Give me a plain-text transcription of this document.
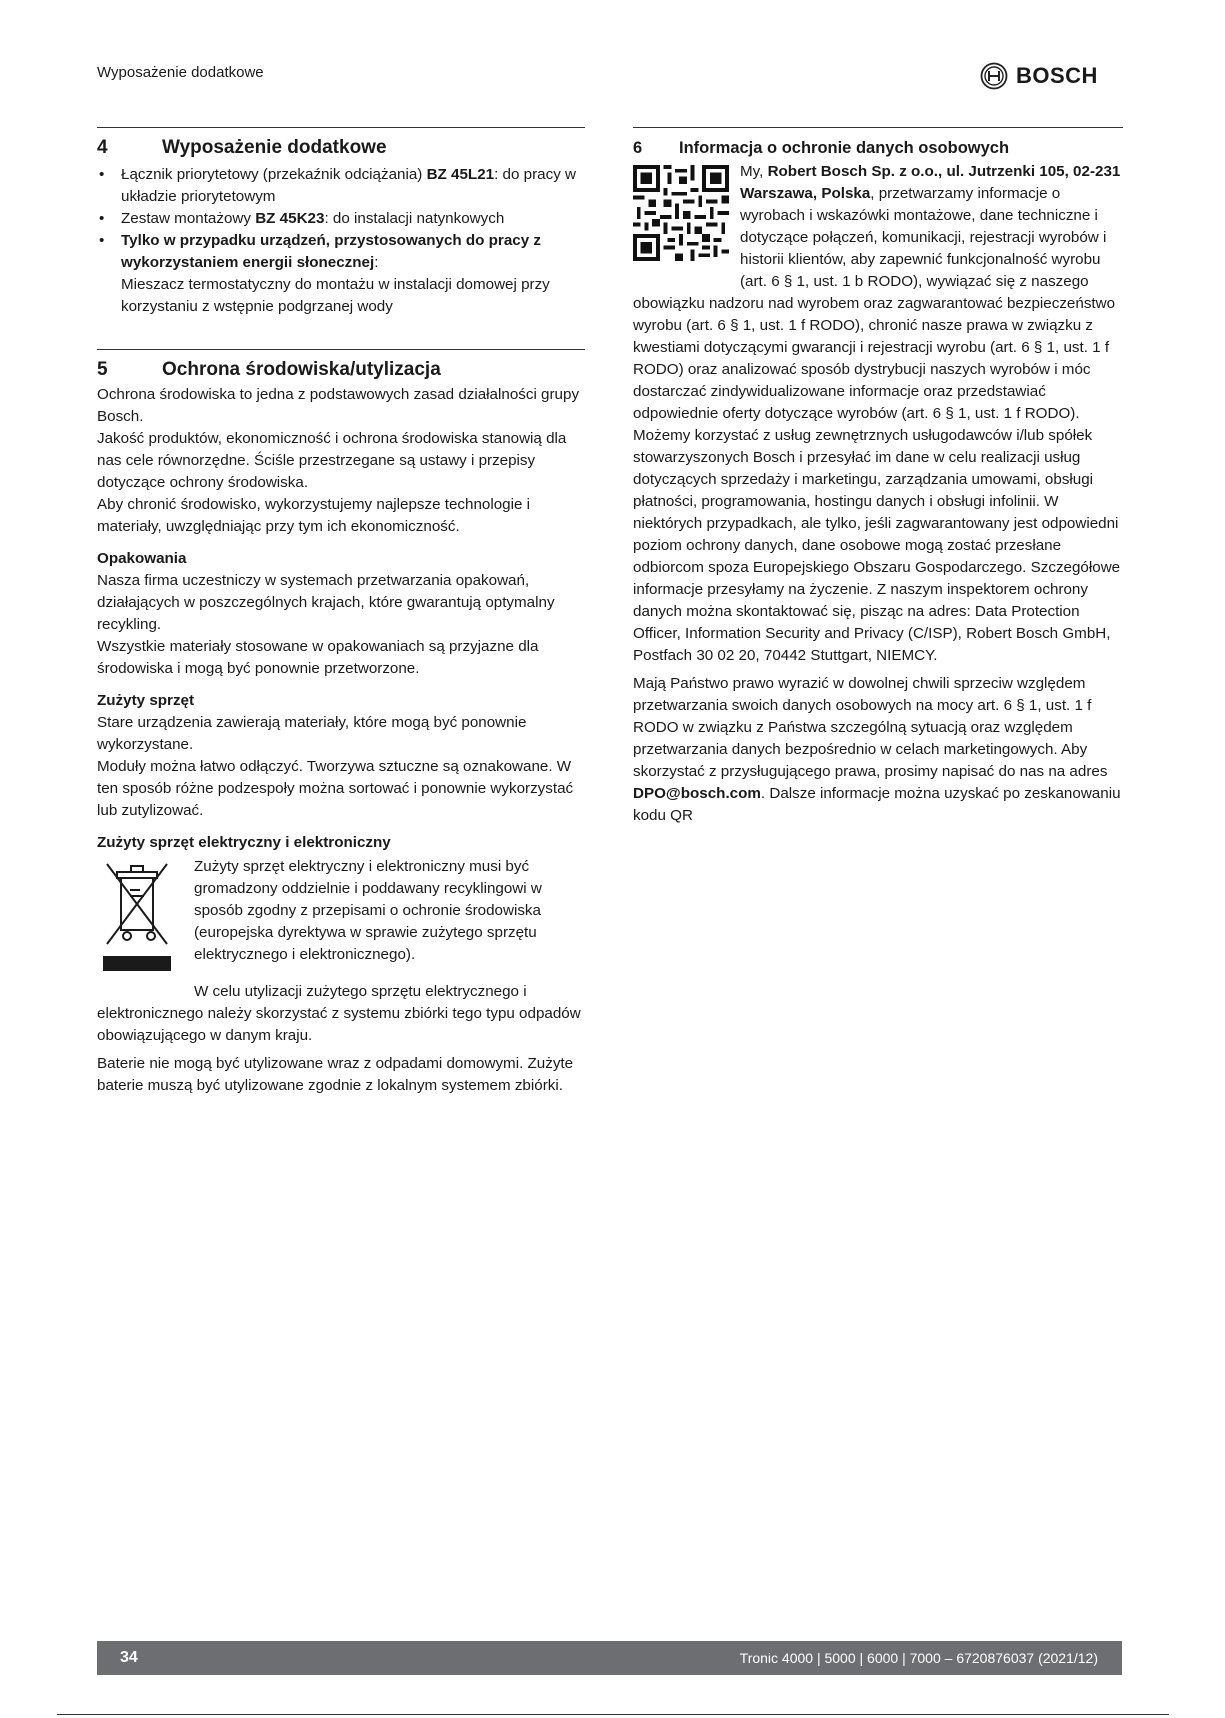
Wyposażenie dodatkowe	BOSCH
4	Wyposażenie dodatkowe
• Łącznik priorytetowy (przekaźnik odciążania) BZ 45L21: do pracy w układzie priorytetowym
• Zestaw montażowy BZ 45K23: do instalacji natynkowych
• Tylko w przypadku urządzeń, przystosowanych do pracy z wykorzystaniem energii słonecznej:
Mieszacz termostatyczny do montażu w instalacji domowej przy korzystaniu z wstępnie podgrzanej wody
5	Ochrona środowiska/utylizacja

Ochrona środowiska to jedna z podstawowych zasad działalności grupy Bosch.

Jakość produktów, ekonomiczność i ochrona środowiska stanowią dla nas cele równorzędne. Ściśle przestrzegane są ustawy i przepisy dotyczące ochrony środowiska.

Aby chronić środowisko, wykorzystujemy najlepsze technologie i materiały, uwzględniając przy tym ich ekonomiczność.

Opakowania

Nasza firma uczestniczy w systemach przetwarzania opakowań, działających w poszczególnych krajach, które gwarantują optymalny recykling.

Wszystkie materiały stosowane w opakowaniach są przyjazne dla środowiska i mogą być ponownie przetworzone.

Zużyty sprzęt

Stare urządzenia zawierają materiały, które mogą być ponownie wykorzystane.

Moduły można łatwo odłączyć. Tworzywa sztuczne są oznakowane. W ten sposób różne podzespoły można sortować i ponownie wykorzystać lub zutylizować.

Zużyty sprzęt elektryczny i elektroniczny

Zużyty sprzęt elektryczny i elektroniczny musi być gromadzony oddzielnie i poddawany recyklingowi w sposób zgodny z przepisami o ochronie środowiska (europejska dyrektywa w sprawie zużytego sprzętu elektrycznego i elektronicznego).

W celu utylizacji zużytego sprzętu elektrycznego i elektronicznego należy skorzystać z systemu zbiórki tego typu odpadów obowiązującego w danym kraju.

Baterie nie mogą być utylizowane wraz z odpadami domowymi. Zużyte baterie muszą być utylizowane zgodnie z lokalnym systemem zbiórki.

6	Informacja o ochronie danych osobowych
My, Robert Bosch Sp. z o.o., ul. Jutrzenki 105, 02-231 Warszawa, Polska, przetwarzamy informacje o wyrobach i wskazówki montażowe, dane techniczne i dotyczące połączeń, komunikacji, rejestracji wyrobów i historii klientów, aby zapewnić funkcjonalność wyrobu (art. 6 § 1, ust. 1 b RODO), wywiązać się z naszego obowiązku nadzoru nad wyrobem oraz zagwarantować bezpieczeństwo wyrobu (art. 6 § 1, ust. 1 f RODO), chronić nasze prawa w związku z kwestiami dotyczącymi gwarancji i rejestracji wyrobu (art. 6 § 1, ust. 1 f RODO) oraz analizować sposób dystrybucji naszych wyrobów i móc dostarczać zindywidualizowane informacje oraz przedstawiać odpowiednie oferty dotyczące wyrobów (art. 6 § 1, ust. 1 f RODO). Możemy korzystać z usług zewnętrznych usługodawców i/lub spółek stowarzyszonych Bosch i przesyłać im dane w celu realizacji usług dotyczących sprzedaży i marketingu, zarządzania umowami, obsługi płatności, programowania, hostingu danych i obsługi infolinii. W niektórych przypadkach, ale tylko, jeśli zagwarantowany jest odpowiedni poziom ochrony danych, dane osobowe mogą zostać przesłane odbiorcom spoza Europejskiego Obszaru Gospodarczego. Szczegółowe informacje przesyłamy na życzenie. Z naszym inspektorem ochrony danych można skontaktować się, pisząc na adres: Data Protection Officer, Information Security and Privacy (C/ISP), Robert Bosch GmbH, Postfach 30 02 20, 70442 Stuttgart, NIEMCY.

Mają Państwo prawo wyrazić w dowolnej chwili sprzeciw względem przetwarzania swoich danych osobowych na mocy art. 6 § 1, ust. 1 f RODO w związku z Państwa szczególną sytuacją oraz względem przetwarzania danych bezpośrednio w celach marketingowych. Aby skorzystać z przysługującego prawa, prosimy napisać do nas na adres DPO@bosch.com. Dalsze informacje można uzyskać po zeskanowaniu kodu QR

34	Tronic 4000 | 5000 | 6000 | 7000 – 6720876037 (2021/12)
